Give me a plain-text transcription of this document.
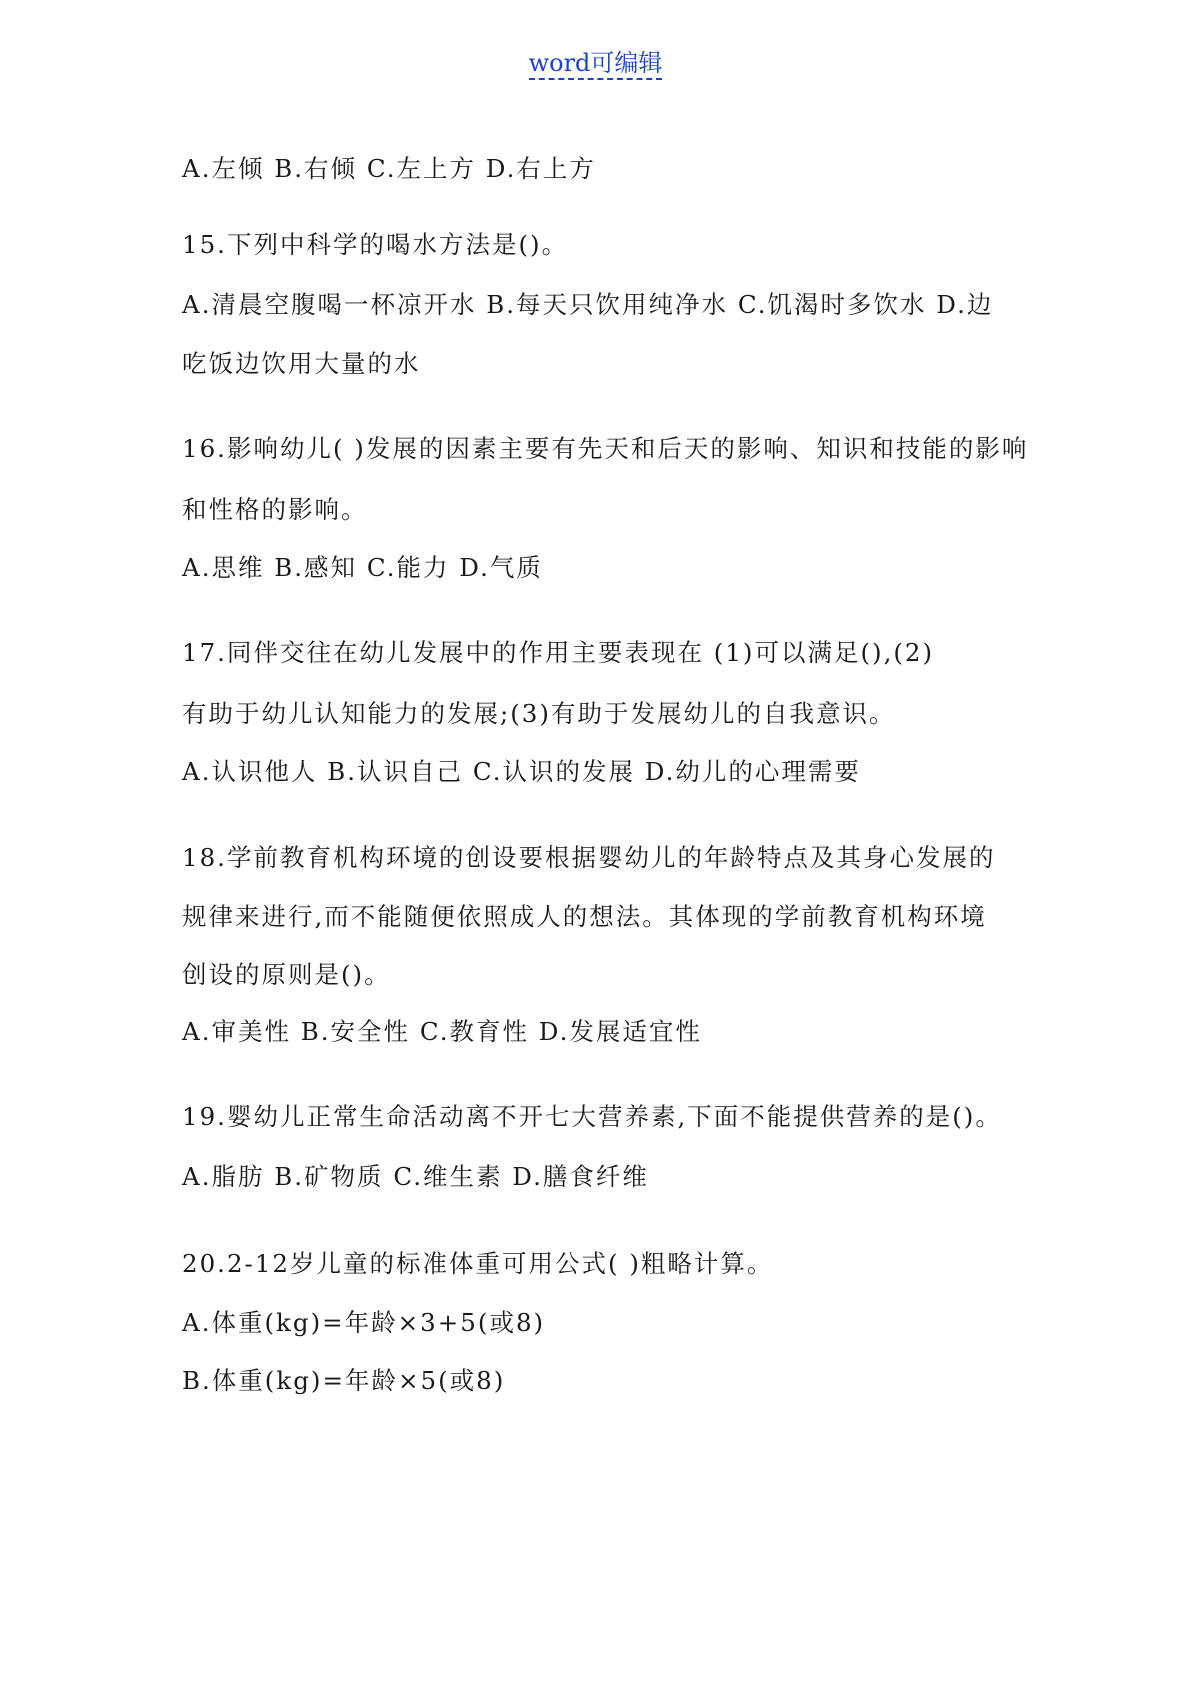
word可编辑
A.左倾 B.右倾 C.左上方 D.右上方
15.下列中科学的喝水方法是()。
A.清晨空腹喝一杯凉开水 B.每天只饮用纯净水 C.饥渴时多饮水 D.边
吃饭边饮用大量的水
16.影响幼儿( )发展的因素主要有先天和后天的影响、知识和技能的影响
和性格的影响。
A.思维 B.感知 C.能力 D.气质
17.同伴交往在幼儿发展中的作用主要表现在 (1)可以满足(),(2)
有助于幼儿认知能力的发展;(3)有助于发展幼儿的自我意识。
A.认识他人 B.认识自己 C.认识的发展 D.幼儿的心理需要
18.学前教育机构环境的创设要根据婴幼儿的年龄特点及其身心发展的
规律来进行,而不能随便依照成人的想法。其体现的学前教育机构环境
创设的原则是()。
A.审美性 B.安全性 C.教育性 D.发展适宜性
19.婴幼儿正常生命活动离不开七大营养素,下面不能提供营养的是()。
A.脂肪 B.矿物质 C.维生素 D.膳食纤维
20.2-12岁儿童的标准体重可用公式( )粗略计算。
A.体重(kg)=年龄×3+5(或8)
B.体重(kg)=年龄×5(或8)
